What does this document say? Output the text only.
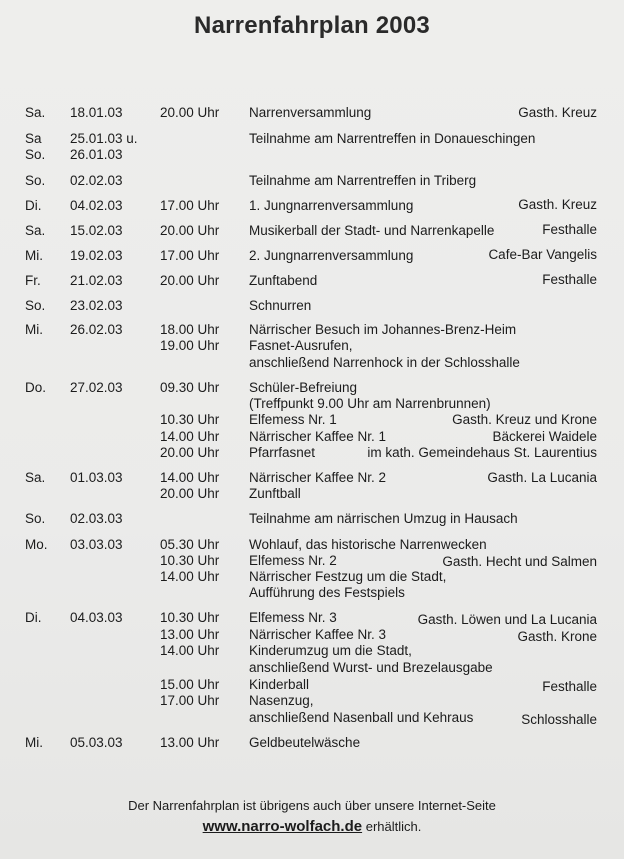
Narrenfahrplan 2003
Sa. 18.01.03	20.00 Uhr Narrenversammlung	Gasth. Kreuz
Sa 25.01.03 u.	Teilnahme am Narrentreffen in Donaueschingen
So. 26.01.03
So. 02.02.03	Teilnahme am Narrentreffen in Triberg
Di. 04.02.03	17.00 Uhr 1. Jungnarrenversammlung	Gasth. Kreuz
Sa. 15.02.03	20.00 Uhr Musikerball der Stadt- und Narrenkapelle	Festhalle
Mi. 19.02.03	17.00 Uhr 2. Jungnarrenversammlung	Cafe-Bar Vangelis
Fr. 21.02.03	20.00 Uhr Zunftabend	Festhalle
So. 23.02.03	Schnurren
Mi. 26.02.03	18.00 Uhr Närrischer Besuch im Johannes-Brenz-Heim
19.00 Uhr Fasnet-Ausrufen,
anschließend Narrenhock in der Schlosshalle
Do. 27.02.03	09.30 Uhr Schüler-Befreiung
(Treffpunkt 9.00 Uhr am Narrenbrunnen)
10.30 Uhr Elfemess Nr. 1	Gasth. Kreuz und Krone
14.00 Uhr Närrischer Kaffee Nr. 1	Bäckerei Waidele
20.00 Uhr Pfarrfasnet	im kath. Gemeindehaus St. Laurentius
Sa. 01.03.03	14.00 Uhr Närrischer Kaffee Nr. 2	Gasth. La Lucania
20.00 Uhr Zunftball
So. 02.03.03	Teilnahme am närrischen Umzug in Hausach
Mo. 03.03.03	05.30 Uhr Wohlauf, das historische Narrenwecken
10.30 Uhr Elfemess Nr. 2	Gasth. Hecht und Salmen
14.00 Uhr Närrischer Festzug um die Stadt,
Aufführung des Festspiels
Di. 04.03.03	10.30 Uhr Elfemess Nr. 3	Gasth. Löwen und La Lucania
13.00 Uhr Närrischer Kaffee Nr. 3	Gasth. Krone
14.00 Uhr Kinderumzug um die Stadt,
anschließend Wurst- und Brezelausgabe
15.00 Uhr Kinderball	Festhalle
17.00 Uhr Nasenzug,
anschließend Nasenball und Kehraus	Schlosshalle
Mi. 05.03.03	13.00 Uhr Geldbeutelwäsche
Der Narrenfahrplan ist übrigens auch über unsere Internet-Seite
www.narro-wolfach.de erhältlich.
